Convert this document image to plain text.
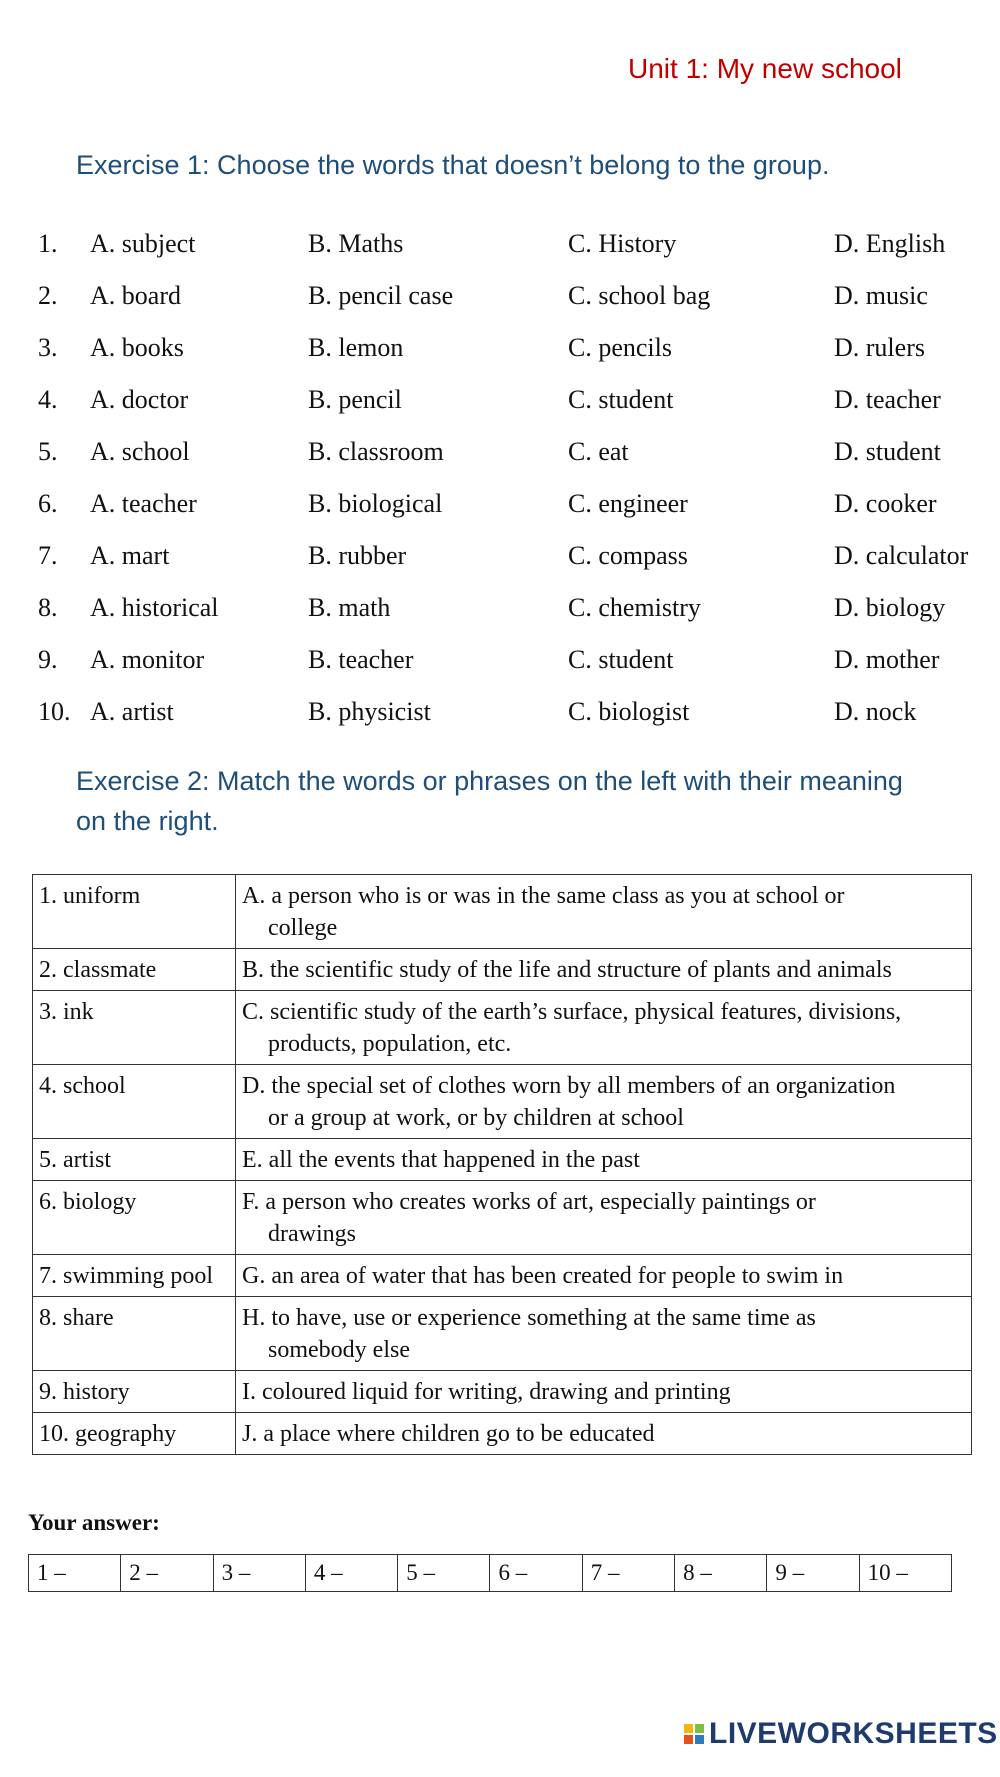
Unit 1: My new school
Exercise 1: Choose the words that doesn’t belong to the group.
1. A. subject	B. Maths	C. History	D. English
2. A. board	B. pencil case	C. school bag	D. music
3. A. books	B. lemon	C. pencils	D. rulers
4. A. doctor	B. pencil	C. student	D. teacher
5. A. school	B. classroom	C. eat	D. student
6. A. teacher	B. biological	C. engineer	D. cooker
7. A. mart	B. rubber	C. compass	D. calculator
8. A. historical	B. math	C. chemistry	D. biology
9. A. monitor	B. teacher	C. student	D. mother
10. A. artist	B. physicist	C. biologist	D. nock
Exercise 2: Match the words or phrases on the left with their meaning on the right.
1. uniform	A. a person who is or was in the same class as you at school or
college

2. classmate	B. the scientific study of the life and structure of plants and animals

3. ink	C. scientific study of the earth’s surface, physical features, divisions,
products, population, etc.

4. school	D. the special set of clothes worn by all members of an organization
or a group at work, or by children at school

5. artist	E. all the events that happened in the past

6. biology	F. a person who creates works of art, especially paintings or
drawings

7. swimming pool	G. an area of water that has been created for people to swim in

8. share	H. to have, use or experience something at the same time as
somebody else

9. history	I. coloured liquid for writing, drawing and printing

10. geography	J. a place where children go to be educated
Your answer:
1 –	2 –	3 –	4 –	5 –	6 –	7 –	8 –	9 –	10 –
LIVEWORKSHEETS
